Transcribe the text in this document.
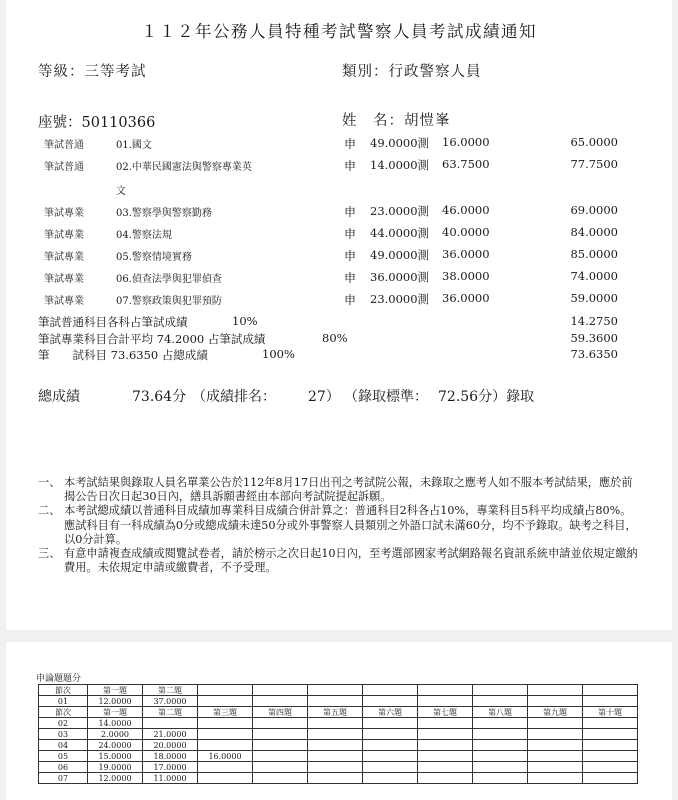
１１２年公務人員特種考試警察人員考試成績通知
等級：三等考試	類別：行政警察人員
座號：50110366	姓　名：胡愷峯
筆試普通	01.國文	申 49.0000測 16.0000	65.0000
筆試普通	02.中華民國憲法與警察專業英	申 14.0000測 63.7500	77.7500
文
筆試專業	03.警察學與警察勤務	申 23.0000測 46.0000	69.0000
筆試專業	04.警察法規	申 44.0000測 40.0000	84.0000
筆試專業	05.警察情境實務	申 49.0000測 36.0000	85.0000
筆試專業	06.偵查法學與犯罪偵查	申 36.0000測 38.0000	74.0000
筆試專業	07.警察政策與犯罪預防	申 23.0000測 36.0000	59.0000
筆試普通科目各科占筆試成績	10%	14.2750
筆試專業科目合計平均 74.2000 占筆試成績	80%	59.3600
筆　　試科目 73.6350 占總成績	100%	73.6350
總成績	73.64分 （成績排名： 27） （錄取標準： 72.56分）錄取

一、 本考試結果與錄取人員名單業公告於112年8月17日出刊之考試院公報，未錄取之應考人如不服本考試結果，應於前揭公告日次日起30日內，繕具訴願書經由本部向考試院提起訴願。

二、 本考試總成績以普通科目成績加專業科目成績合併計算之：普通科目2科各占10%，專業科目5科平均成績占80%。應試科目有一科成績為0分或總成績未達50分或外事警察人員類別之外語口試未滿60分，均不予錄取。缺考之科目，以0分計算。

三、 有意申請複查成績或閱覽試卷者，請於榜示之次日起10日內，至考選部國家考試網路報名資訊系統申請並依規定繳納費用。未依規定申請或繳費者，不予受理。

申論題題分
節次	第一題	第二題								
01	12.0000	37.0000								
節次	第一題	第二題	第三題	第四題	第五題	第六題	第七題	第八題	第九題	第十題
02	14.0000									
03	2.0000	21.0000								
04	24.0000	20.0000								
05	15.0000	18.0000	16.0000							
06	19.0000	17.0000								
07	12.0000	11.0000								
